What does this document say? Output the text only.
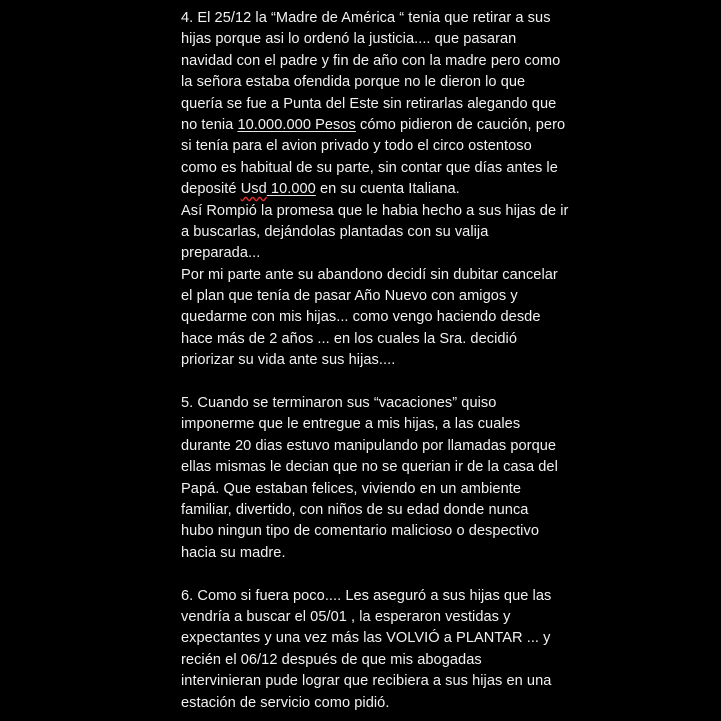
4. El 25/12 la “Madre de América “ tenia que retirar a sus
hijas porque asi lo ordenó la justicia.... que pasaran
navidad con el padre y fin de año con la madre pero como
la señora estaba ofendida porque no le dieron lo que
quería se fue a Punta del Este sin retirarlas alegando que
no tenia 10.000.000 Pesos cómo pidieron de caución, pero
si tenía para el avion privado y todo el circo ostentoso
como es habitual de su parte, sin contar que días antes le
deposité Usd 10.000 en su cuenta Italiana.
Así Rompió la promesa que le habia hecho a sus hijas de ir
a buscarlas, dejándolas plantadas con su valija
preparada...
Por mi parte ante su abandono decidí sin dubitar cancelar
el plan que tenía de pasar Año Nuevo con amigos y
quedarme con mis hijas... como vengo haciendo desde
hace más de 2 años ... en los cuales la Sra. decidió
priorizar su vida ante sus hijas....
5. Cuando se terminaron sus “vacaciones” quiso
imponerme que le entregue a mis hijas, a las cuales
durante 20 dias estuvo manipulando por llamadas porque
ellas mismas le decian que no se querian ir de la casa del
Papá. Que estaban felices, viviendo en un ambiente
familiar, divertido, con niños de su edad donde nunca
hubo ningun tipo de comentario malicioso o despectivo
hacia su madre.
6. Como si fuera poco.... Les aseguró a sus hijas que las
vendría a buscar el 05/01 , la esperaron vestidas y
expectantes y una vez más las VOLVIÓ a PLANTAR ... y
recién el 06/12 después de que mis abogadas
intervinieran pude lograr que recibiera a sus hijas en una
estación de servicio como pidió.
